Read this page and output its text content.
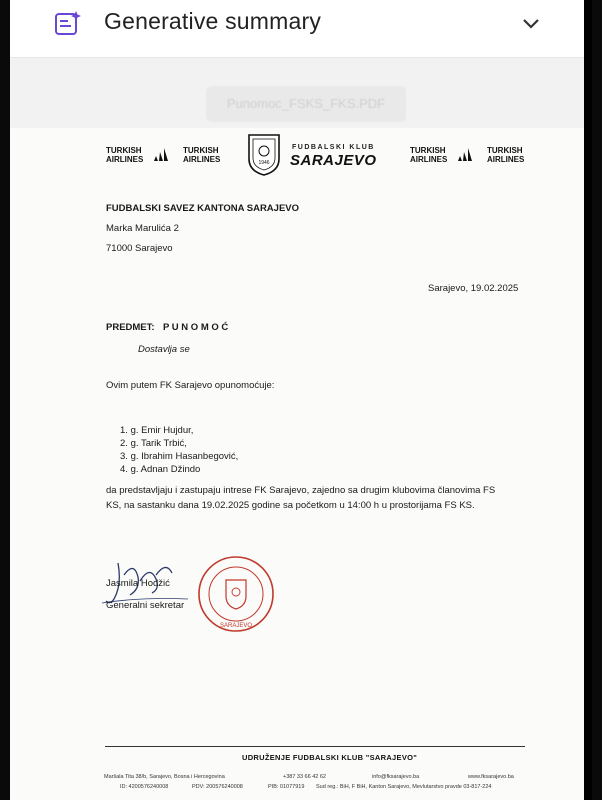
Generative summary
Punomoc_FSKS_FKS.PDF
TURKISH
AIRLINES
TURKISH
AIRLINES	1946
FUDBALSKI KLUB
SARAJEVO
TURKISH
AIRLINES
TURKISH
AIRLINES
FUDBALSKI SAVEZ KANTONA SARAJEVO
Marka Marulića 2
71000 Sarajevo
Sarajevo, 19.02.2025
PREDMET: P U N O M O Ć
Dostavlja se
Ovim putem FK Sarajevo opunomoćuje:
1. g. Emir Hujdur,
2. g. Tarik Trbić,
3. g. Ibrahim Hasanbegović,
4. g. Adnan Džindo
da predstavljaju i zastupaju intrese FK Sarajevo, zajedno sa drugim klubovima članovima FS
KS, na sastanku dana 19.02.2025 godine sa početkom u 14:00 h u prostorijama FS KS.
Jasmila Hodžić
Generalni sekretar
SARAJEVO
UDRUŽENJE FUDBALSKI KLUB "SARAJEVO"
Maršala Tita 38/b, Sarajevo, Bosna i Hercegovina	+387 33 66 42 62	info@fksarajevo.ba	www.fksarajevo.ba
ID: 4200576240008	PDV: 200576240008	PIB: 01077919 Sud reg.: BiH, F BiH, Kanton Sarajevo, Mevlutarstvo pravde 03-817-224
